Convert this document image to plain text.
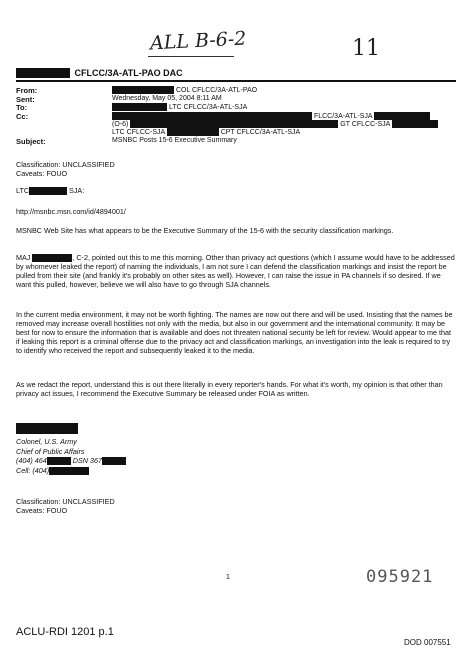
ALL B-6-2	11
CFLCC/3A-ATL-PAO DAC
From:	COL CFLCC/3A-ATL-PAO
Sent:	Wednesday, May 05, 2004 8:11 AM
To:	LTC CFLCC/3A-ATL-SJA
Cc:	FLCC/3A-ATL-SJA
(O-6)	GT CFLCC-SJA
LTC CFLCC-SJA	CPT CFLCC/3A-ATL-SJA
Subject:	MSNBC Posts 15-6 Executive Summary
Classification: UNCLASSIFIED
Caveats: FOUO
LTC	SJA:
http://msnbc.msn.com/id/4894001/
MSNBC Web Site has what appears to be the Executive Summary of the 15-6 with the security classification markings.
MAJ	, C-2, pointed out this to me this morning. Other than privacy act questions (which I assume would have to be addressed by whomever leaked the report) of naming the individuals, I am not sure I can defend the classification markings and insist the report be pulled from their site (and frankly it's probably on other sites as well). However, I can raise the issue in PA channels if so desired. If we want this pulled, however, believe we will also have to go through SJA channels.
In the current media environment, it may not be worth fighting. The names are now out there and will be used. Insisting that the names be removed may increase overall hostilities not only with the media, but also in our government and the international community. It may be best for now to ensure the information that is available and does not threaten national security be left for review. Would appear to me that if leaking this report is a criminal offense due to the privacy act and classification markings, an investigation into the leak is required to try to identify who received the report and subsequently leaked it to the media.
As we redact the report, understand this is out there literally in every reporter's hands. For what it's worth, my opinion is that other than privacy act issues, I recommend the Executive Summary be released under FOIA as written.
Colonel, U.S. Army
Chief of Public Affairs
(404) 464	DSN 367
Cell: (404)
Classification: UNCLASSIFIED
Caveats: FOUO
1	095921
ACLU-RDI 1201 p.1
DOD 007551
